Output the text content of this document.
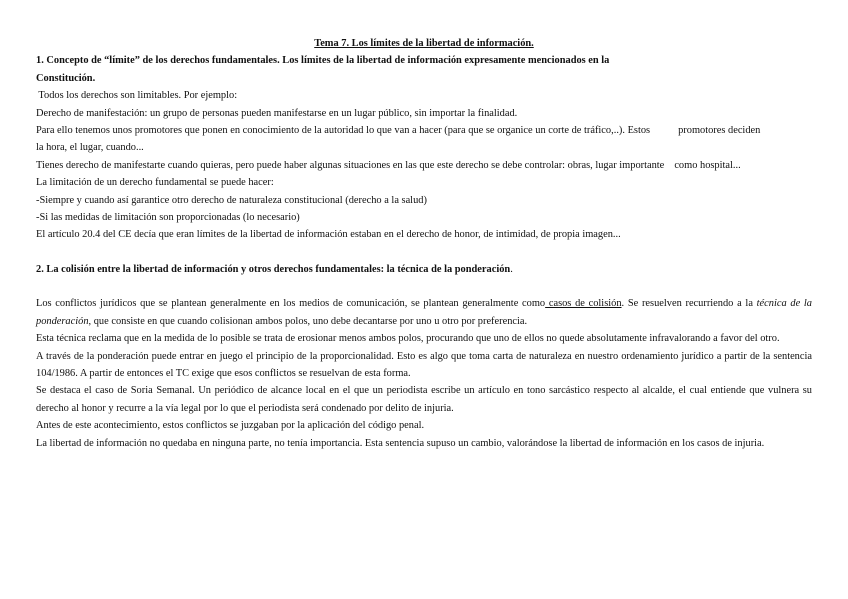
Tema 7. Los límites de la libertad de información.

1. Concepto de “límite” de los derechos fundamentales. Los límites de la libertad de información expresamente mencionados en la
Constitución.

Todos los derechos son limitables. Por ejemplo:

Derecho de manifestación: un grupo de personas pueden manifestarse en un lugar público, sin importar la finalidad.

Para ello tenemos unos promotores que ponen en conocimiento de la autoridad lo que van a hacer (para que se organice un corte de tráfico,..). Estos	promotores deciden

la hora, el lugar, cuando...

Tienes derecho de manifestarte cuando quieras, pero puede haber algunas situaciones en las que este derecho se debe controlar: obras, lugar importante como hospital...

La limitación de un derecho fundamental se puede hacer:

-Siempre y cuando así garantice otro derecho de naturaleza constitucional (derecho a la salud)

-Si las medidas de limitación son proporcionadas (lo necesario)

El artículo 20.4 del CE decía que eran límites de la libertad de información estaban en el derecho de honor, de intimidad, de propia imagen...

2. La colisión entre la libertad de información y otros derechos fundamentales: la técnica de la ponderación.

Los conflictos jurídicos que se plantean generalmente en los medios de comunicación, se plantean generalmente como casos de colisión. Se resuelven recurriendo a la técnica de la ponderación, que consiste en que cuando colisionan ambos polos, uno debe decantarse por uno u otro por preferencia.

Esta técnica reclama que en la medida de lo posible se trata de erosionar menos ambos polos, procurando que uno de ellos no quede absolutamente infravalorando a favor del otro.

A través de la ponderación puede entrar en juego el principio de la proporcionalidad. Esto es algo que toma carta de naturaleza en nuestro ordenamiento jurídico a partir de la sentencia 104/1986. A partir de entonces el TC exige que esos conflictos se resuelvan de esta forma.

Se destaca el caso de Soria Semanal. Un periódico de alcance local en el que un periodista escribe un artículo en tono sarcástico respecto al alcalde, el cual entiende que vulnera su derecho al honor y recurre a la vía legal por lo que el periodista será condenado por delito de injuria.

Antes de este acontecimiento, estos conflictos se juzgaban por la aplicación del código penal.

La libertad de información no quedaba en ninguna parte, no tenía importancia. Esta sentencia supuso un cambio, valorándose la libertad de información en los casos de injuria.
